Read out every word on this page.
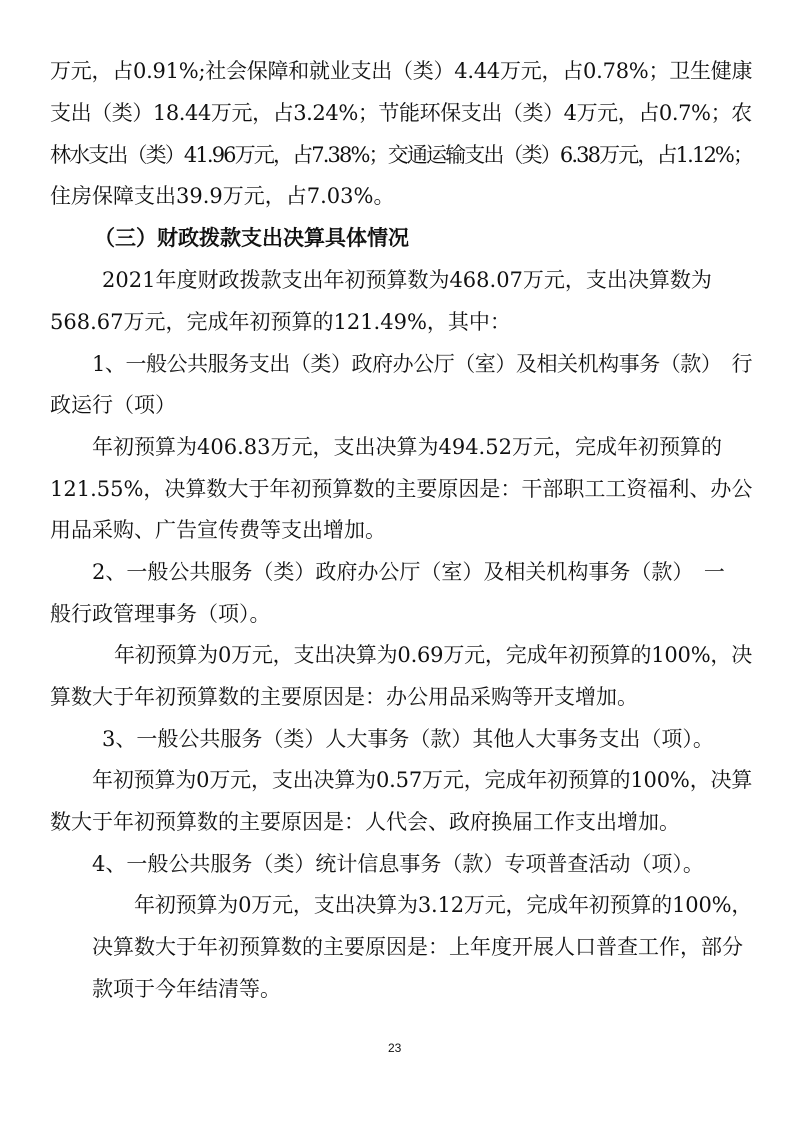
万元，占0.91%;社会保障和就业支出（类）4.44万元，占0.78%；卫生健康
支出（类）18.44万元，占3.24%；节能环保支出（类）4万元，占0.7%；农
林水支出（类）41.96万元，占7.38%；交通运输支出（类）6.38万元，占1.12%；
住房保障支出39.9万元，占7.03%。
（三）财政拨款支出决算具体情况
2021年度财政拨款支出年初预算数为468.07万元，支出决算数为
568.67万元，完成年初预算的121.49%，其中：
1、一般公共服务支出（类）政府办公厅（室）及相关机构事务（款）　行
政运行（项）
年初预算为406.83万元，支出决算为494.52万元，完成年初预算的
121.55%，决算数大于年初预算数的主要原因是：干部职工工资福利、办公
用品采购、广告宣传费等支出增加。
2、一般公共服务（类）政府办公厅（室）及相关机构事务（款）　一
般行政管理事务（项）。
年初预算为0万元，支出决算为0.69万元，完成年初预算的100%，决
算数大于年初预算数的主要原因是：办公用品采购等开支增加。
3、一般公共服务（类）人大事务（款）其他人大事务支出（项）。
年初预算为0万元，支出决算为0.57万元，完成年初预算的100%，决算
数大于年初预算数的主要原因是：人代会、政府换届工作支出增加。
4、一般公共服务（类）统计信息事务（款）专项普查活动（项）。
年初预算为0万元，支出决算为3.12万元，完成年初预算的100%，
决算数大于年初预算数的主要原因是：上年度开展人口普查工作，部分
款项于今年结清等。
23
